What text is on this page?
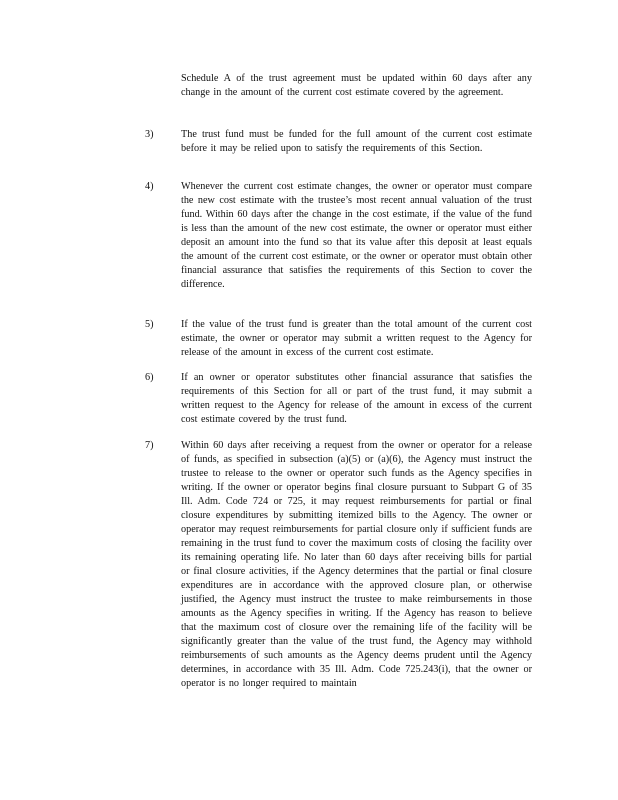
Schedule A of the trust agreement must be updated within 60 days after any change in the amount of the current cost estimate covered by the agreement.
3)	The trust fund must be funded for the full amount of the current cost estimate before it may be relied upon to satisfy the requirements of this Section.
4)	Whenever the current cost estimate changes, the owner or operator must compare the new cost estimate with the trustee’s most recent annual valuation of the trust fund. Within 60 days after the change in the cost estimate, if the value of the fund is less than the amount of the new cost estimate, the owner or operator must either deposit an amount into the fund so that its value after this deposit at least equals the amount of the current cost estimate, or the owner or operator must obtain other financial assurance that satisfies the requirements of this Section to cover the difference.
5)	If the value of the trust fund is greater than the total amount of the current cost estimate, the owner or operator may submit a written request to the Agency for release of the amount in excess of the current cost estimate.
6)	If an owner or operator substitutes other financial assurance that satisfies the requirements of this Section for all or part of the trust fund, it may submit a written request to the Agency for release of the amount in excess of the current cost estimate covered by the trust fund.
7)	Within 60 days after receiving a request from the owner or operator for a release of funds, as specified in subsection (a)(5) or (a)(6), the Agency must instruct the trustee to release to the owner or operator such funds as the Agency specifies in writing. If the owner or operator begins final closure pursuant to Subpart G of 35 Ill. Adm. Code 724 or 725, it may request reimbursements for partial or final closure expenditures by submitting itemized bills to the Agency. The owner or operator may request reimbursements for partial closure only if sufficient funds are remaining in the trust fund to cover the maximum costs of closing the facility over its remaining operating life. No later than 60 days after receiving bills for partial or final closure activities, if the Agency determines that the partial or final closure expenditures are in accordance with the approved closure plan, or otherwise justified, the Agency must instruct the trustee to make reimbursements in those amounts as the Agency specifies in writing. If the Agency has reason to believe that the maximum cost of closure over the remaining life of the facility will be significantly greater than the value of the trust fund, the Agency may withhold reimbursements of such amounts as the Agency deems prudent until the Agency determines, in accordance with 35 Ill. Adm. Code 725.243(i), that the owner or operator is no longer required to maintain
